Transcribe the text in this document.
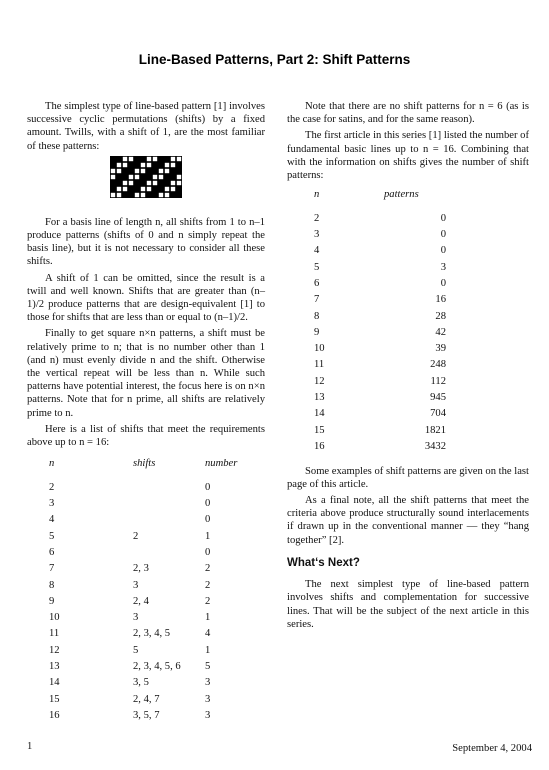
Line-Based Patterns, Part 2: Shift Patterns

The simplest type of line-based pattern [1] involves successive cyclic permutations (shifts) by a fixed amount. Twills, with a shift of 1, are the most familiar of these patterns:

For a basis line of length n, all shifts from 1 to n–1 produce patterns (shifts of 0 and n simply repeat the basis line), but it is not necessary to consider all these shifts.

A shift of 1 can be omitted, since the result is a twill and well known. Shifts that are greater than (n–1)/2 produce patterns that are design-equivalent [1] to those for shifts that are less than or equal to (n–1)/2.

Finally to get square n×n patterns, a shift must be relatively prime to n; that is no number other than 1 (and n) must evenly divide n and the shift. Otherwise the vertical repeat will be less than n. While such patterns have potential interest, the focus here is on n×n patterns. Note that for n prime, all shifts are relatively prime to n.

Here is a list of shifts that meet the requirements above up to n = 16:

n	shifts	number
2		0
3		0
4		0
5	2	1
6		0
7	2, 3	2
8	3	2
9	2, 4	2
10	3	1
11	2, 3, 4, 5	4
12	5	1
13	2, 3, 4, 5, 6	5
14	3, 5	3
15	2, 4, 7	3
16	3, 5, 7	3

Note that there are no shift patterns for n = 6 (as is the case for satins, and for the same reason).

The first article in this series [1] listed the number of fundamental basic lines up to n = 16. Combining that with the information on shifts gives the number of shift patterns:

n	patterns
2	0
3	0
4	0
5	3
6	0
7	16
8	28
9	42
10	39
11	248
12	112
13	945
14	704
15	1821
16	3432

Some examples of shift patterns are given on the last page of this article.

As a final note, all the shift patterns that meet the criteria above produce structurally sound interlacements if drawn up in the conventional manner — they “hang together” [2].

What‘s Next?

The next simplest type of line-based pattern involves shifts and complementation for successive lines. That will be the subject of the next article in this series.

1	September 4, 2004
